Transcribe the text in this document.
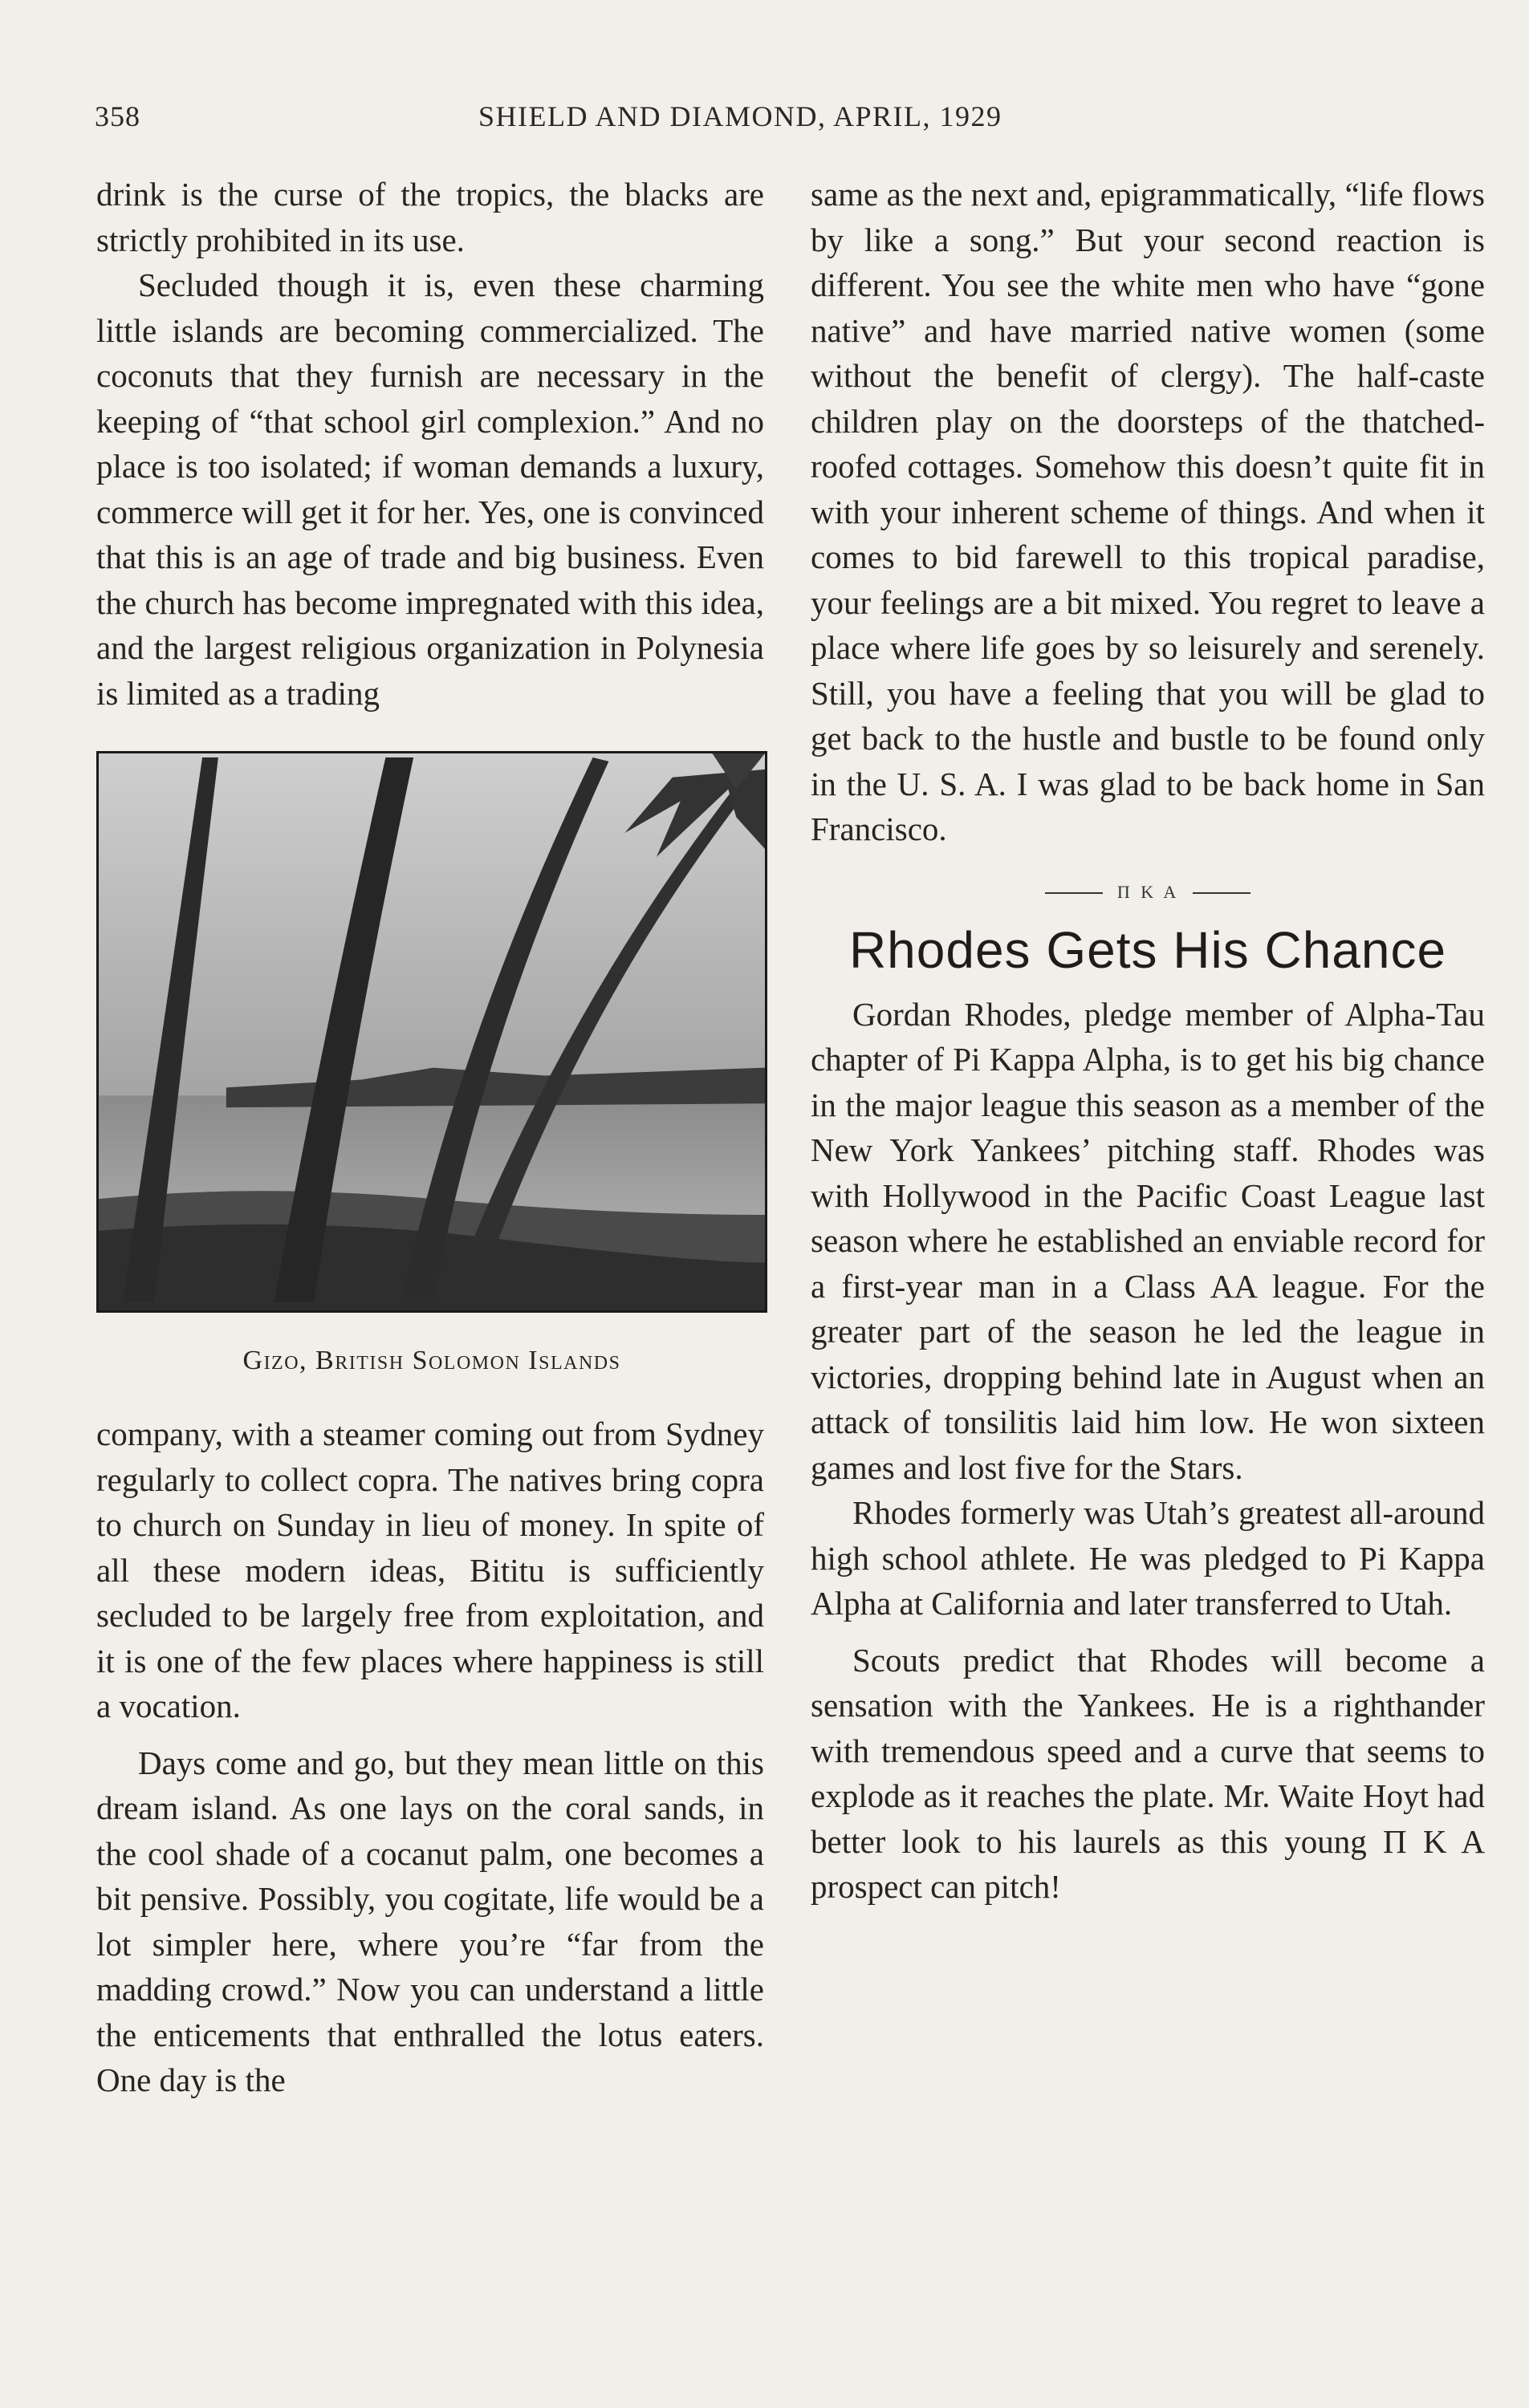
358	SHIELD AND DIAMOND, APRIL, 1929

drink is the curse of the tropics, the blacks are strictly prohibited in its use.

Secluded though it is, even these charming little islands are becoming commercialized. The coconuts that they furnish are necessary in the keeping of “that school girl complexion.” And no place is too isolated; if woman demands a luxury, commerce will get it for her. Yes, one is convinced that this is an age of trade and big business. Even the church has become impregnated with this idea, and the largest religious organization in Polynesia is limited as a trading

Gizo, British Solomon Islands

company, with a steamer coming out from Sydney regularly to collect copra. The natives bring copra to church on Sunday in lieu of money. In spite of all these modern ideas, Bititu is sufficiently secluded to be largely free from exploitation, and it is one of the few places where happiness is still a vocation.

Days come and go, but they mean little on this dream island. As one lays on the coral sands, in the cool shade of a cocanut palm, one becomes a bit pensive. Possibly, you cogitate, life would be a lot simpler here, where you’re “far from the madding crowd.” Now you can understand a little the enticements that enthralled the lotus eaters. One day is the

same as the next and, epigrammatically, “life flows by like a song.” But your second reaction is different. You see the white men who have “gone native” and have married native women (some without the benefit of clergy). The half-caste children play on the doorsteps of the thatched-roofed cottages. Somehow this doesn’t quite fit in with your inherent scheme of things. And when it comes to bid farewell to this tropical paradise, your feelings are a bit mixed. You regret to leave a place where life goes by so leisurely and serenely. Still, you have a feeling that you will be glad to get back to the hustle and bustle to be found only in the U. S. A. I was glad to be back home in San Francisco.

Π K A
Rhodes Gets His Chance

Gordan Rhodes, pledge member of Alpha-Tau chapter of Pi Kappa Alpha, is to get his big chance in the major league this season as a member of the New York Yankees’ pitching staff. Rhodes was with Hollywood in the Pacific Coast League last season where he established an enviable record for a first-year man in a Class AA league. For the greater part of the season he led the league in victories, dropping behind late in August when an attack of tonsilitis laid him low. He won sixteen games and lost five for the Stars.

Rhodes formerly was Utah’s greatest all-around high school athlete. He was pledged to Pi Kappa Alpha at California and later transferred to Utah.

Scouts predict that Rhodes will become a sensation with the Yankees. He is a righthander with tremendous speed and a curve that seems to explode as it reaches the plate. Mr. Waite Hoyt had better look to his laurels as this young Π K A prospect can pitch!
